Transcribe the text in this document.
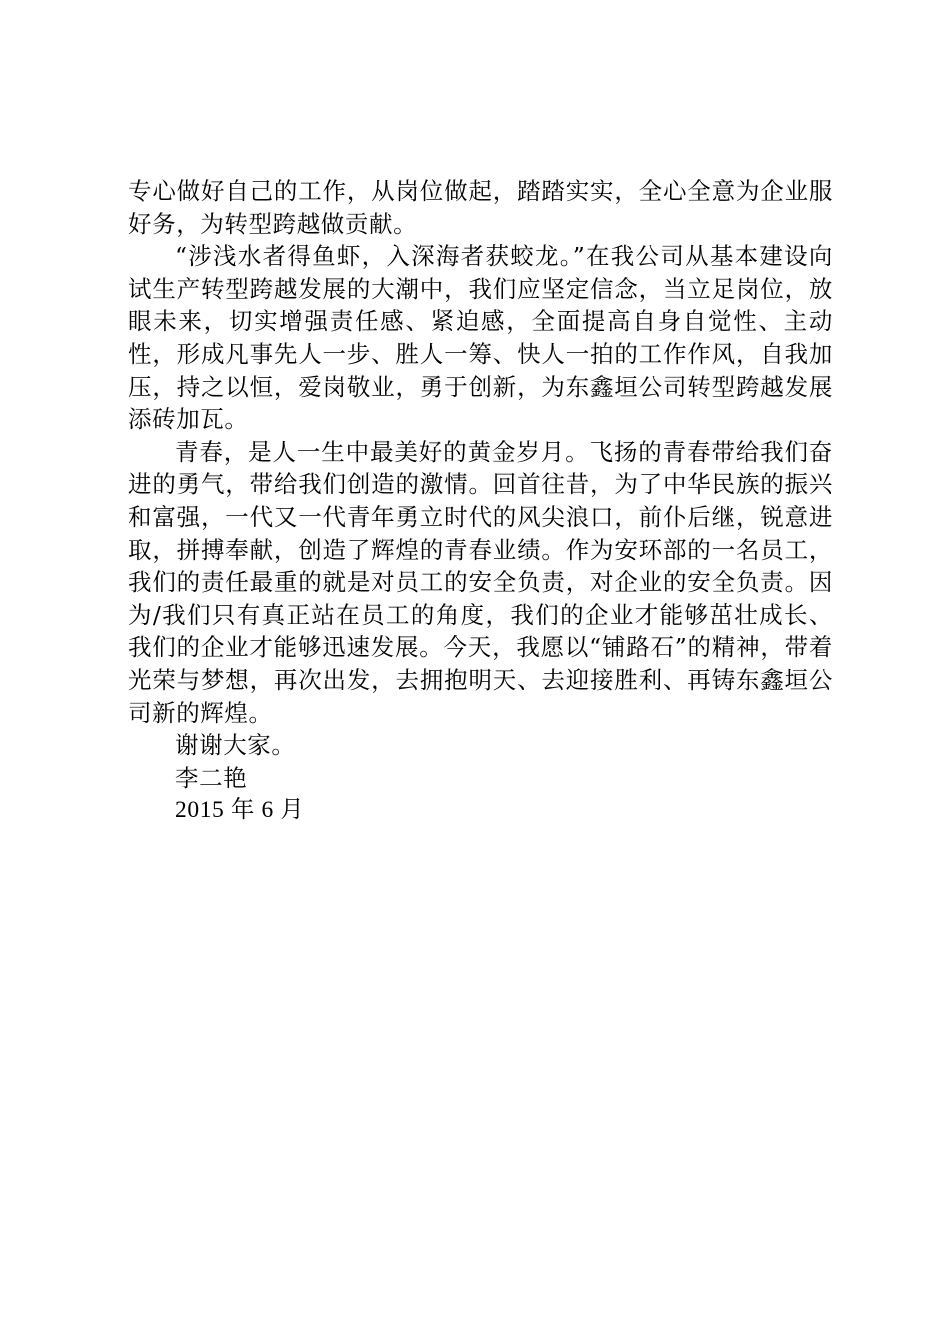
专心做好自己的工作，从岗位做起，踏踏实实，全心全意为企业服好务，为转型跨越做贡献。

“涉浅水者得鱼虾，入深海者获蛟龙。”在我公司从基本建设向试生产转型跨越发展的大潮中，我们应坚定信念，当立足岗位，放眼未来，切实增强责任感、紧迫感，全面提高自身自觉性、主动性，形成凡事先人一步、胜人一筹、快人一拍的工作作风，自我加压，持之以恒，爱岗敬业，勇于创新，为东鑫垣公司转型跨越发展添砖加瓦。

青春，是人一生中最美好的黄金岁月。飞扬的青春带给我们奋进的勇气，带给我们创造的激情。回首往昔，为了中华民族的振兴和富强，一代又一代青年勇立时代的风尖浪口，前仆后继，锐意进取，拼搏奉献，创造了辉煌的青春业绩。作为安环部的一名员工，我们的责任最重的就是对员工的安全负责，对企业的安全负责。因为/我们只有真正站在员工的角度，我们的企业才能够茁壮成长、我们的企业才能够迅速发展。今天，我愿以“铺路石”的精神，带着光荣与梦想，再次出发，去拥抱明天、去迎接胜利、再铸东鑫垣公司新的辉煌。

谢谢大家。

李二艳

2015 年 6 月
